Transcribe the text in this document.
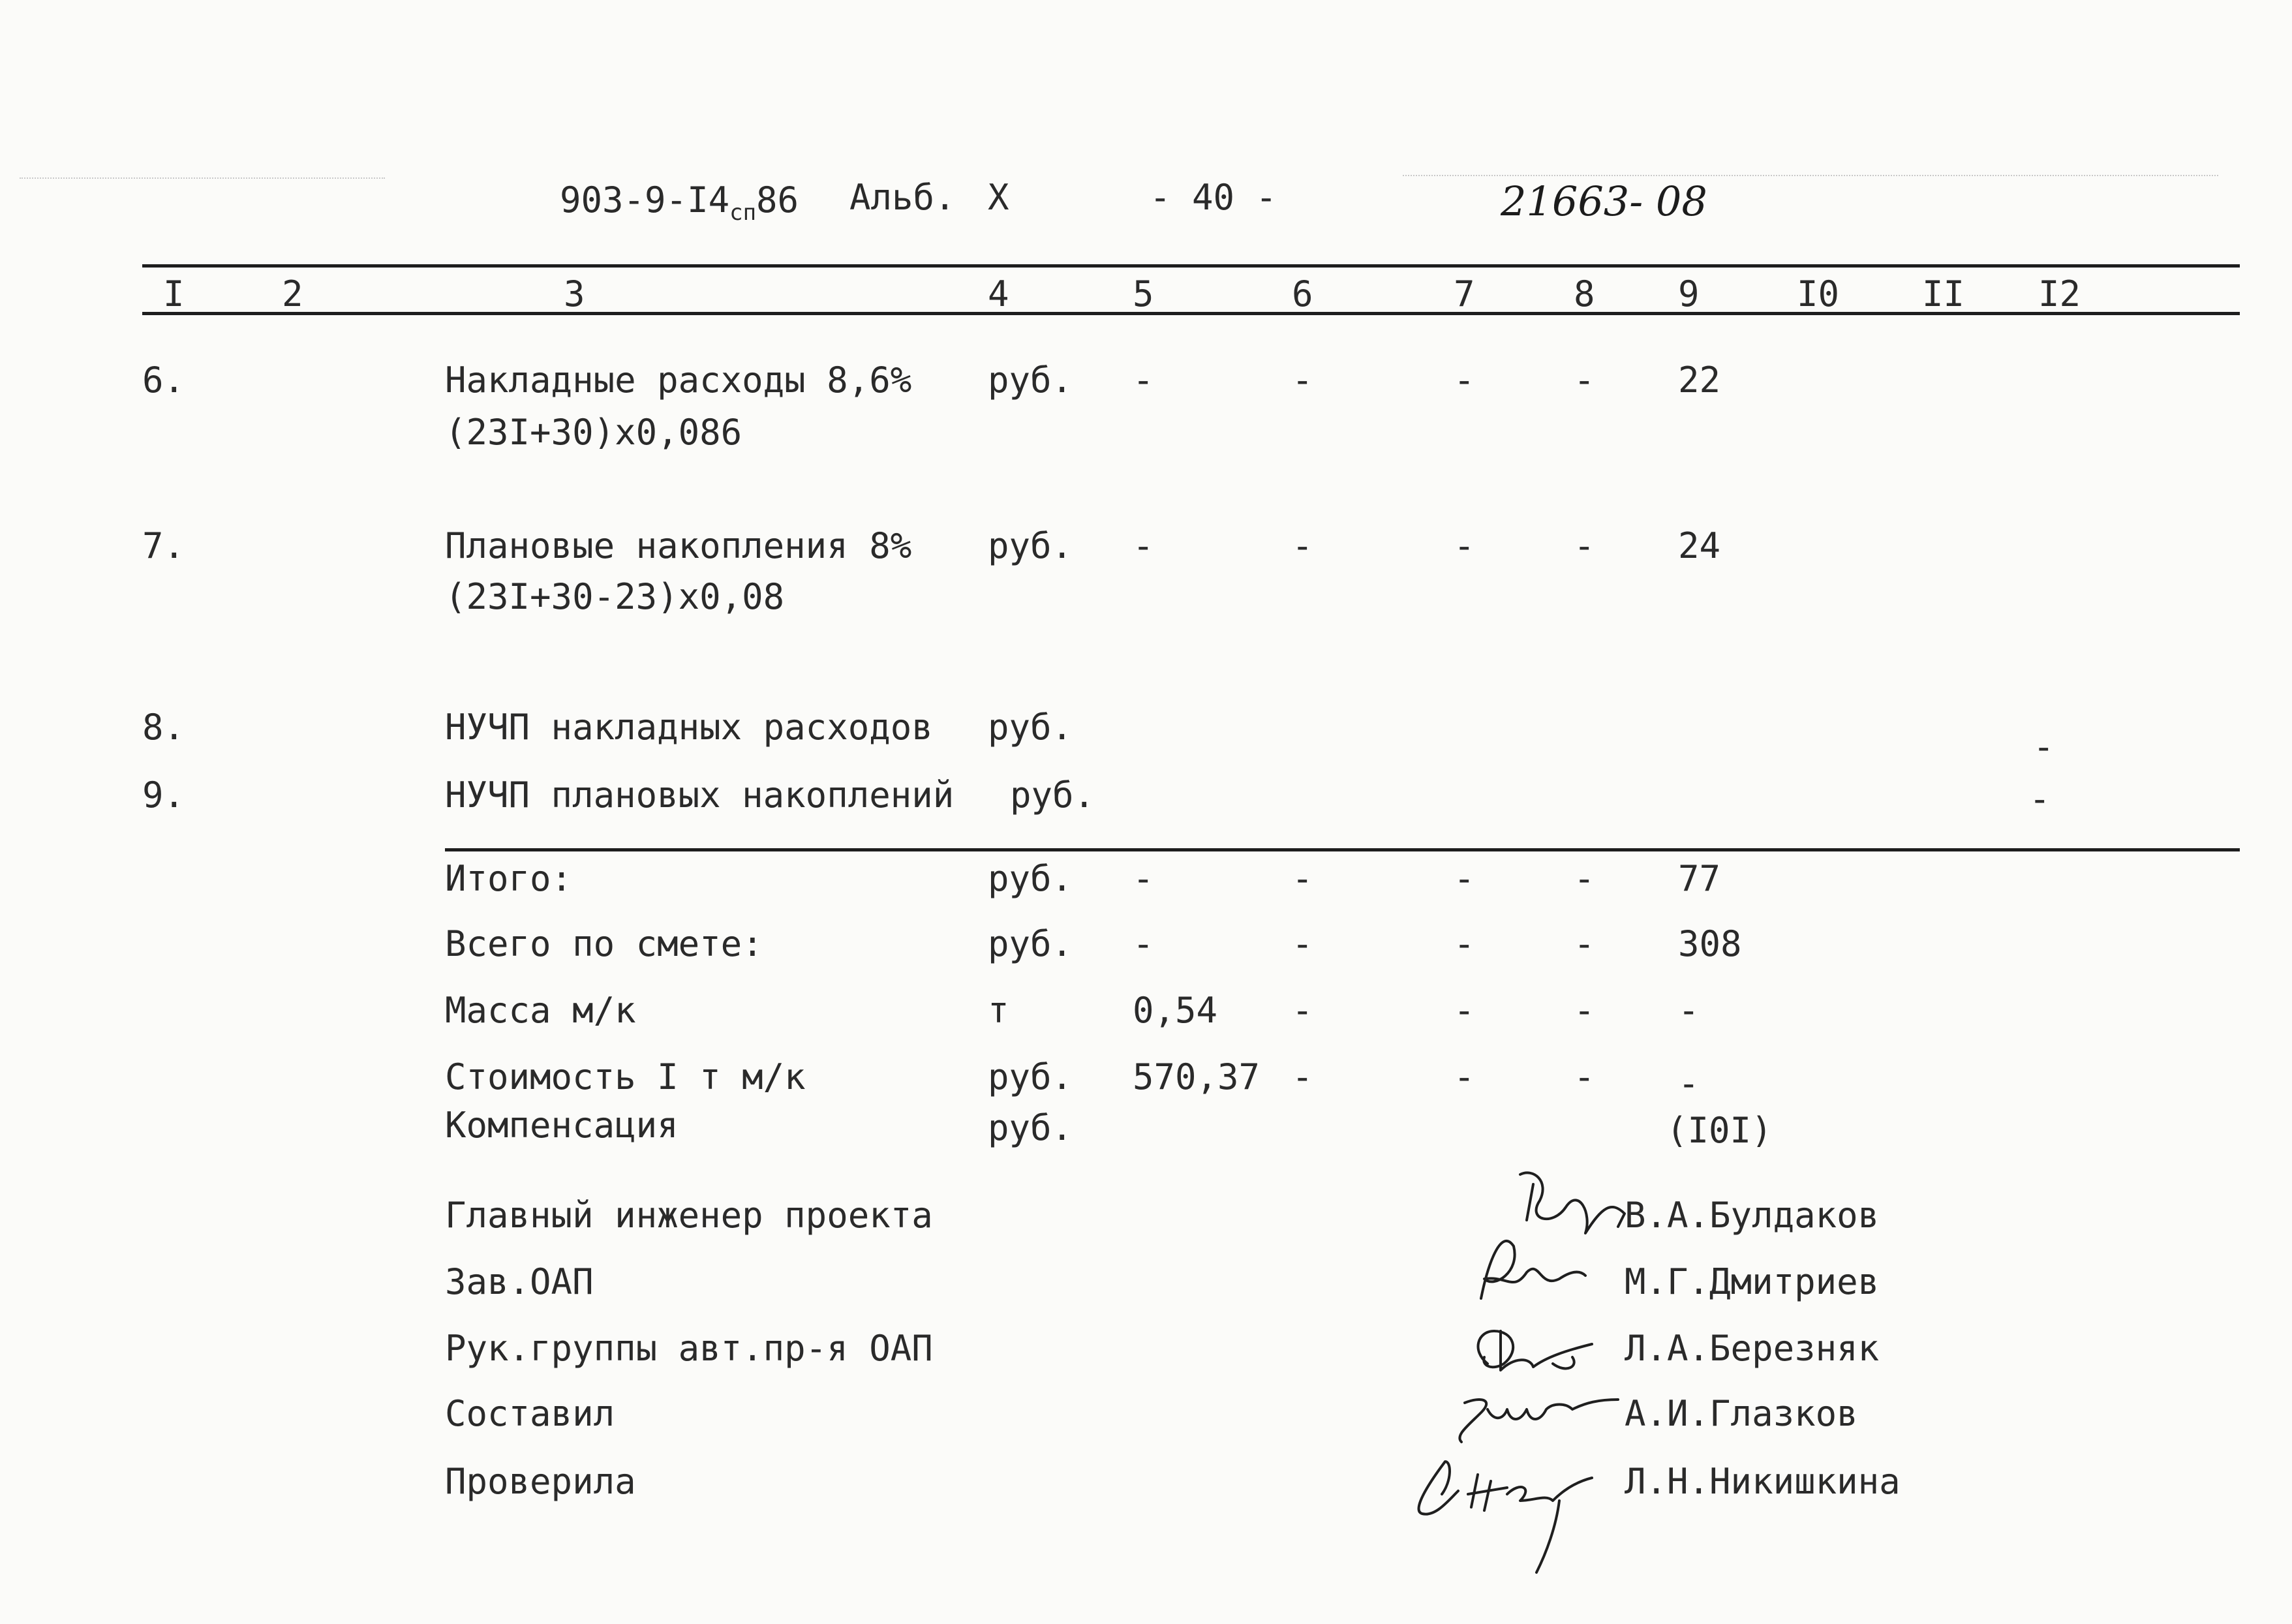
$903-9-I4_{сп}86$ Альб. X	- 40 -	21663- 08
I	2	3	4	5	6	7	8 9	I0 II I2
6.	Накладные расходы 8,6%
(23I+30)x0,086
руб. -	-	-	- 22
7.	Плановые накопления 8%
(23I+30-23)x0,08
руб. -	-	-	- 24
8.	НУЧП накладных расходов руб.	-
9.	НУЧП плановых накоплений руб.	-
Итого:	руб. -	-	-	- 77
Всего по смете:	руб. -	-	-	- 308
Масса м/к	т	0,54 -	-	- -
Стоимость I т м/к	руб. 570,37 -	-	- -
Компенсация	руб.	(I0I)
Главный инженер проекта	В.А.Булдаков
Зав.ОАП	М.Г.Дмитриев
Рук.группы авт.пр-я ОАП	Л.А.Березняк
Составил	А.И.Глазков
Проверила	Л.Н.Никишкина
